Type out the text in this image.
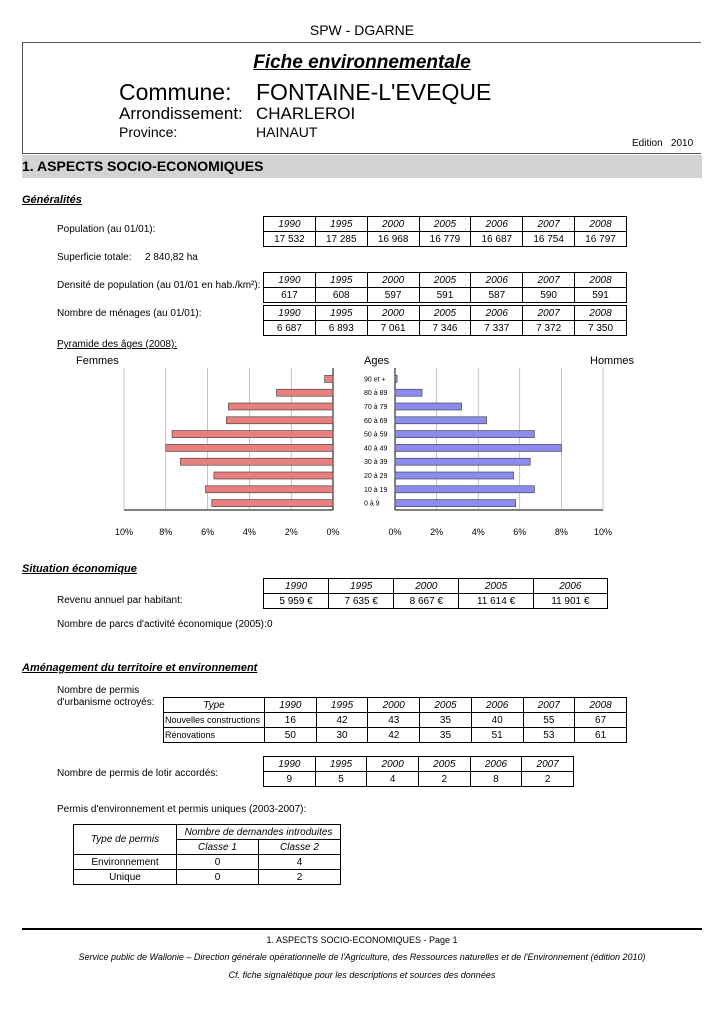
SPW - DGARNE
Fiche environnementale
Commune: FONTAINE-L'EVEQUE
Arrondissement: CHARLEROI
Province:	HAINAUT
Edition   2010
1. ASPECTS SOCIO-ECONOMIQUES
Généralités
Population (au 01/01):	1990	1995	2000	2005	2006	2007	2008
17 532	17 285	16 968	16 779	16 687	16 754	16 797
Superficie totale: 2 840,82 ha
Densité de population (au 01/01 en hab./km²): 1990	1995	2000	2005	2006	2007	2008
617	608	597	591	587	590	591
Nombre de ménages (au 01/01):	1990	1995	2000	2005	2006	2007	2008
6 687	6 893	7 061	7 346	7 337	7 372	7 350
Pyramide des âges (2008):
Femmes	Ages	Hommes
90 et +
80 à 89
70 à 79
60 à 69
50 à 59
40 à 49
30 à 39
20 à 29
10 à 19
0 à 9
10%	8%	6%	4%	2%	0%	0%	2%	4%	6%	8%	10%
Situation économique
Revenu annuel par habitant:
1990	1995	2000	2005	2006
5 959 €	7 635 €	8 667 €	11 614 €	11 901 €
Nombre de parcs d'activité économique (2005): 0
Aménagement du territoire et environnement
Nombre de permis
d'urbanisme octroyés:	Type	1990	1995	2000	2005	2006	2007	2008
Nouvelles constructions	16	42	43	35	40	55	67
Rénovations	50	30	42	35	51	53	61
Nombre de permis de lotir accordés:
1990	1995	2000	2005	2006	2007
9	5	4	2	8	2
Permis d'environnement et permis uniques (2003-2007):
Type de permis	Nombre de demandes introduites	
	Classe 1	Classe 2
Environnement	0	4
Unique	0	2
1. ASPECTS SOCIO-ECONOMIQUES - Page 1
Service public de Wallonie – Direction générale opérationnelle de l'Agriculture, des Ressources naturelles et de l'Environnement (édition 2010)
Cf. fiche signalétique pour les descriptions et sources des données
